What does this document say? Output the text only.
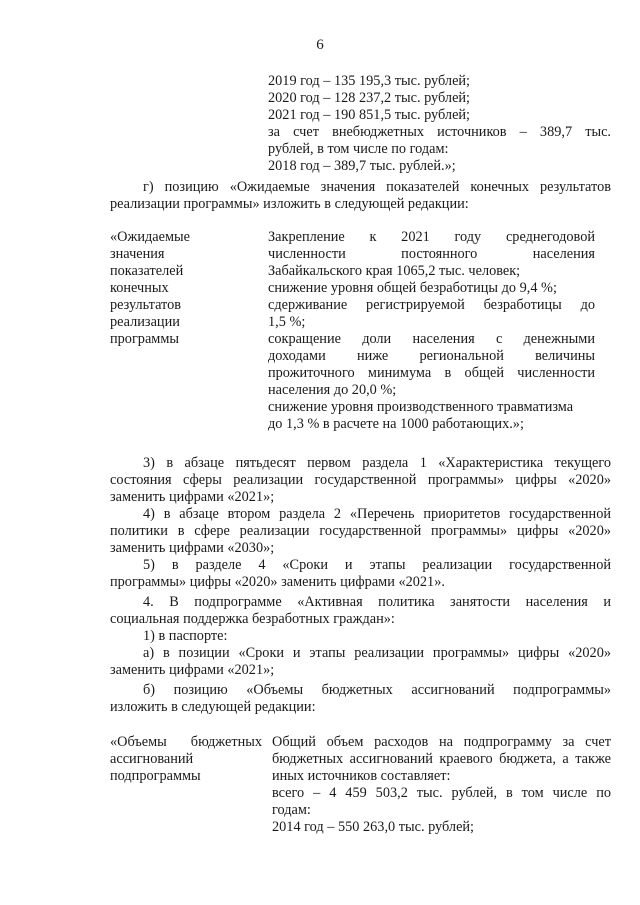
6
2019 год – 135 195,3 тыс. рублей;
2020 год – 128 237,2 тыс. рублей;
2021 год – 190 851,5 тыс. рублей;
за счет внебюджетных источников – 389,7 тыс.
рублей, в том числе по годам:
2018 год – 389,7 тыс. рублей.»;
г) позицию «Ожидаемые значения показателей конечных результатов
реализации программы» изложить в следующей редакции:
«Ожидаемые
значения
показателей
конечных
результатов
реализации
программы
Закрепление к 2021 году среднегодовой
численности постоянного населения
Забайкальского края 1065,2 тыс. человек;
снижение уровня общей безработицы до 9,4 %;
сдерживание регистрируемой безработицы до
1,5 %;
сокращение доли населения с денежными
доходами ниже региональной величины
прожиточного минимума в общей численности
населения до 20,0 %;
снижение уровня производственного травматизма
до 1,3 % в расчете на 1000 работающих.»;
3) в абзаце пятьдесят первом раздела 1 «Характеристика текущего
состояния сферы реализации государственной программы» цифры «2020»
заменить цифрами «2021»;
4) в абзаце втором раздела 2 «Перечень приоритетов государственной
политики в сфере реализации государственной программы» цифры «2020»
заменить цифрами «2030»;
5) в разделе 4 «Сроки и этапы реализации государственной
программы» цифры «2020» заменить цифрами «2021».
4. В подпрограмме «Активная политика занятости населения и
социальная поддержка безработных граждан»:
1) в паспорте:
а) в позиции «Сроки и этапы реализации программы» цифры «2020»
заменить цифрами «2021»;
б) позицию «Объемы бюджетных ассигнований подпрограммы»
изложить в следующей редакции:
«Объемы бюджетных
ассигнований
подпрограммы
Общий объем расходов на подпрограмму за счет
бюджетных ассигнований краевого бюджета, а также
иных источников составляет:
всего – 4 459 503,2 тыс. рублей, в том числе по
годам:
2014 год – 550 263,0 тыс. рублей;
